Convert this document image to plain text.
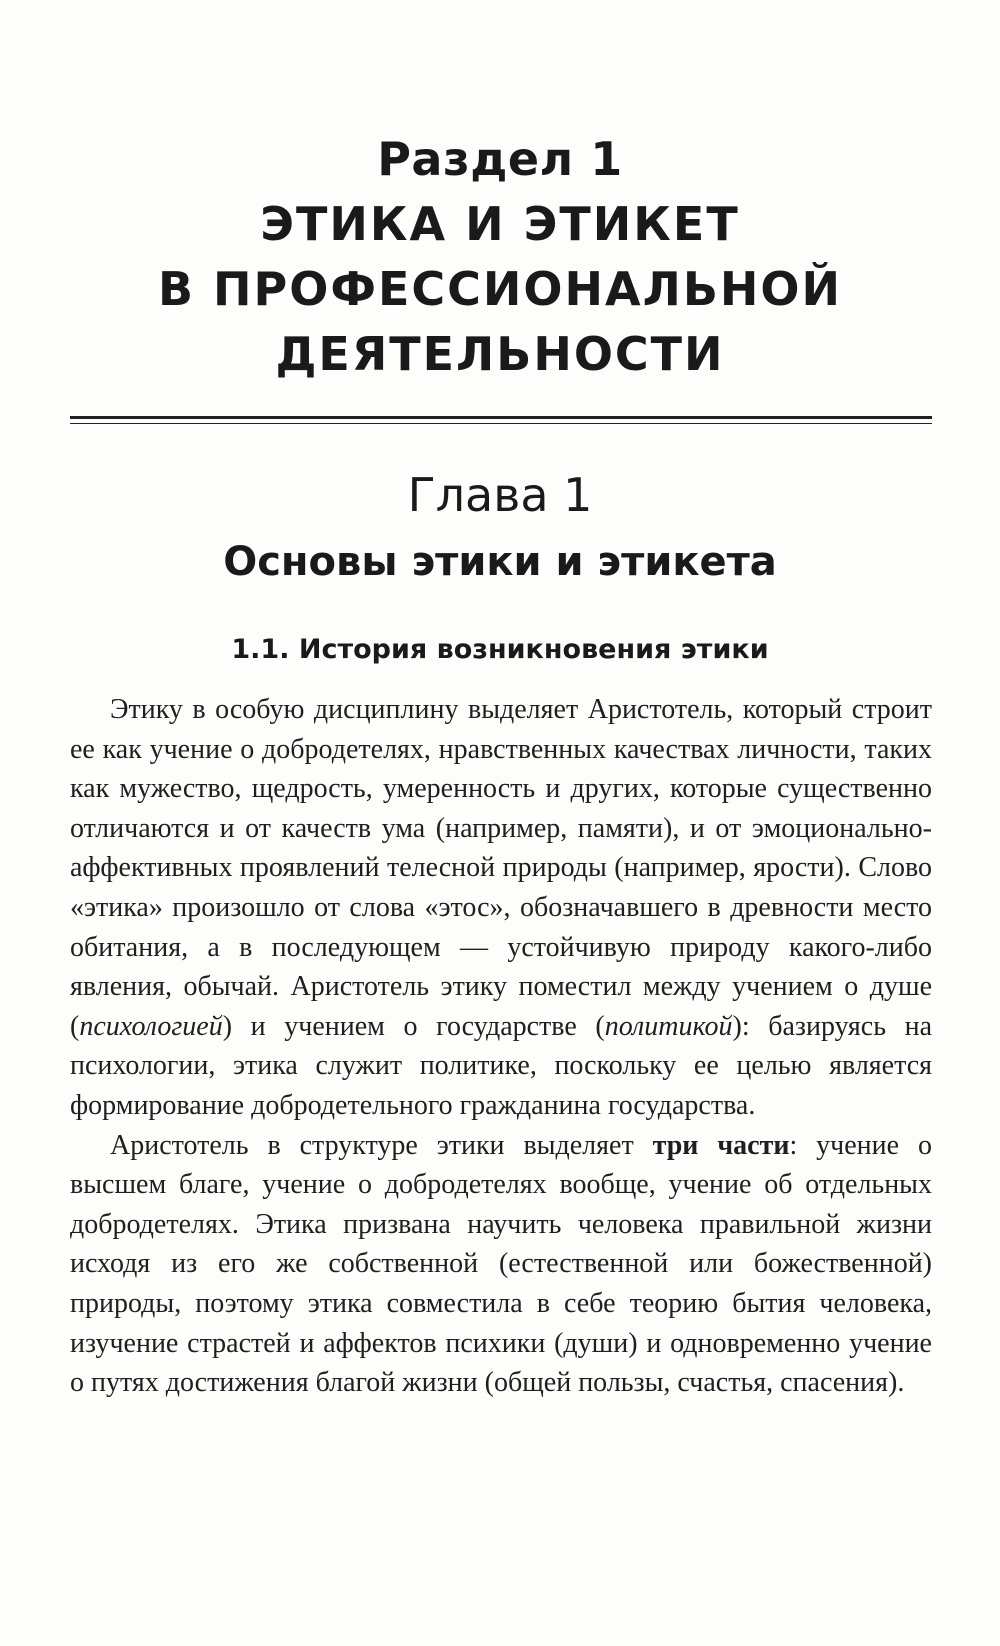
Раздел 1
ЭТИКА И ЭТИКЕТ
В ПРОФЕССИОНАЛЬНОЙ
ДЕЯТЕЛЬНОСТИ
Глава 1
Основы этики и этикета
1.1. История возникновения этики

Этику в особую дисциплину выделяет Аристотель, который строит ее как учение о добродетелях, нравственных качествах личности, таких как мужество, щедрость, умеренность и других, которые существенно отличаются и от качеств ума (например, памяти), и от эмоционально-аффективных проявлений телесной природы (например, ярости). Слово «этика» произошло от слова «этос», обозначавшего в древности место обитания, а в последующем — устойчивую природу какого-либо явления, обычай. Аристотель этику поместил между учением о душе (психологией) и учением о государстве (политикой): базируясь на психологии, этика служит политике, поскольку ее целью является формирование добродетельного гражданина государства.

Аристотель в структуре этики выделяет три части: учение о высшем благе, учение о добродетелях вообще, учение об отдельных добродетелях. Этика призвана научить человека правильной жизни исходя из его же собственной (естественной или божественной) природы, поэтому этика совместила в себе теорию бытия человека, изучение страстей и аффектов психики (души) и одновременно учение о путях достижения благой жизни (общей пользы, счастья, спасения).
